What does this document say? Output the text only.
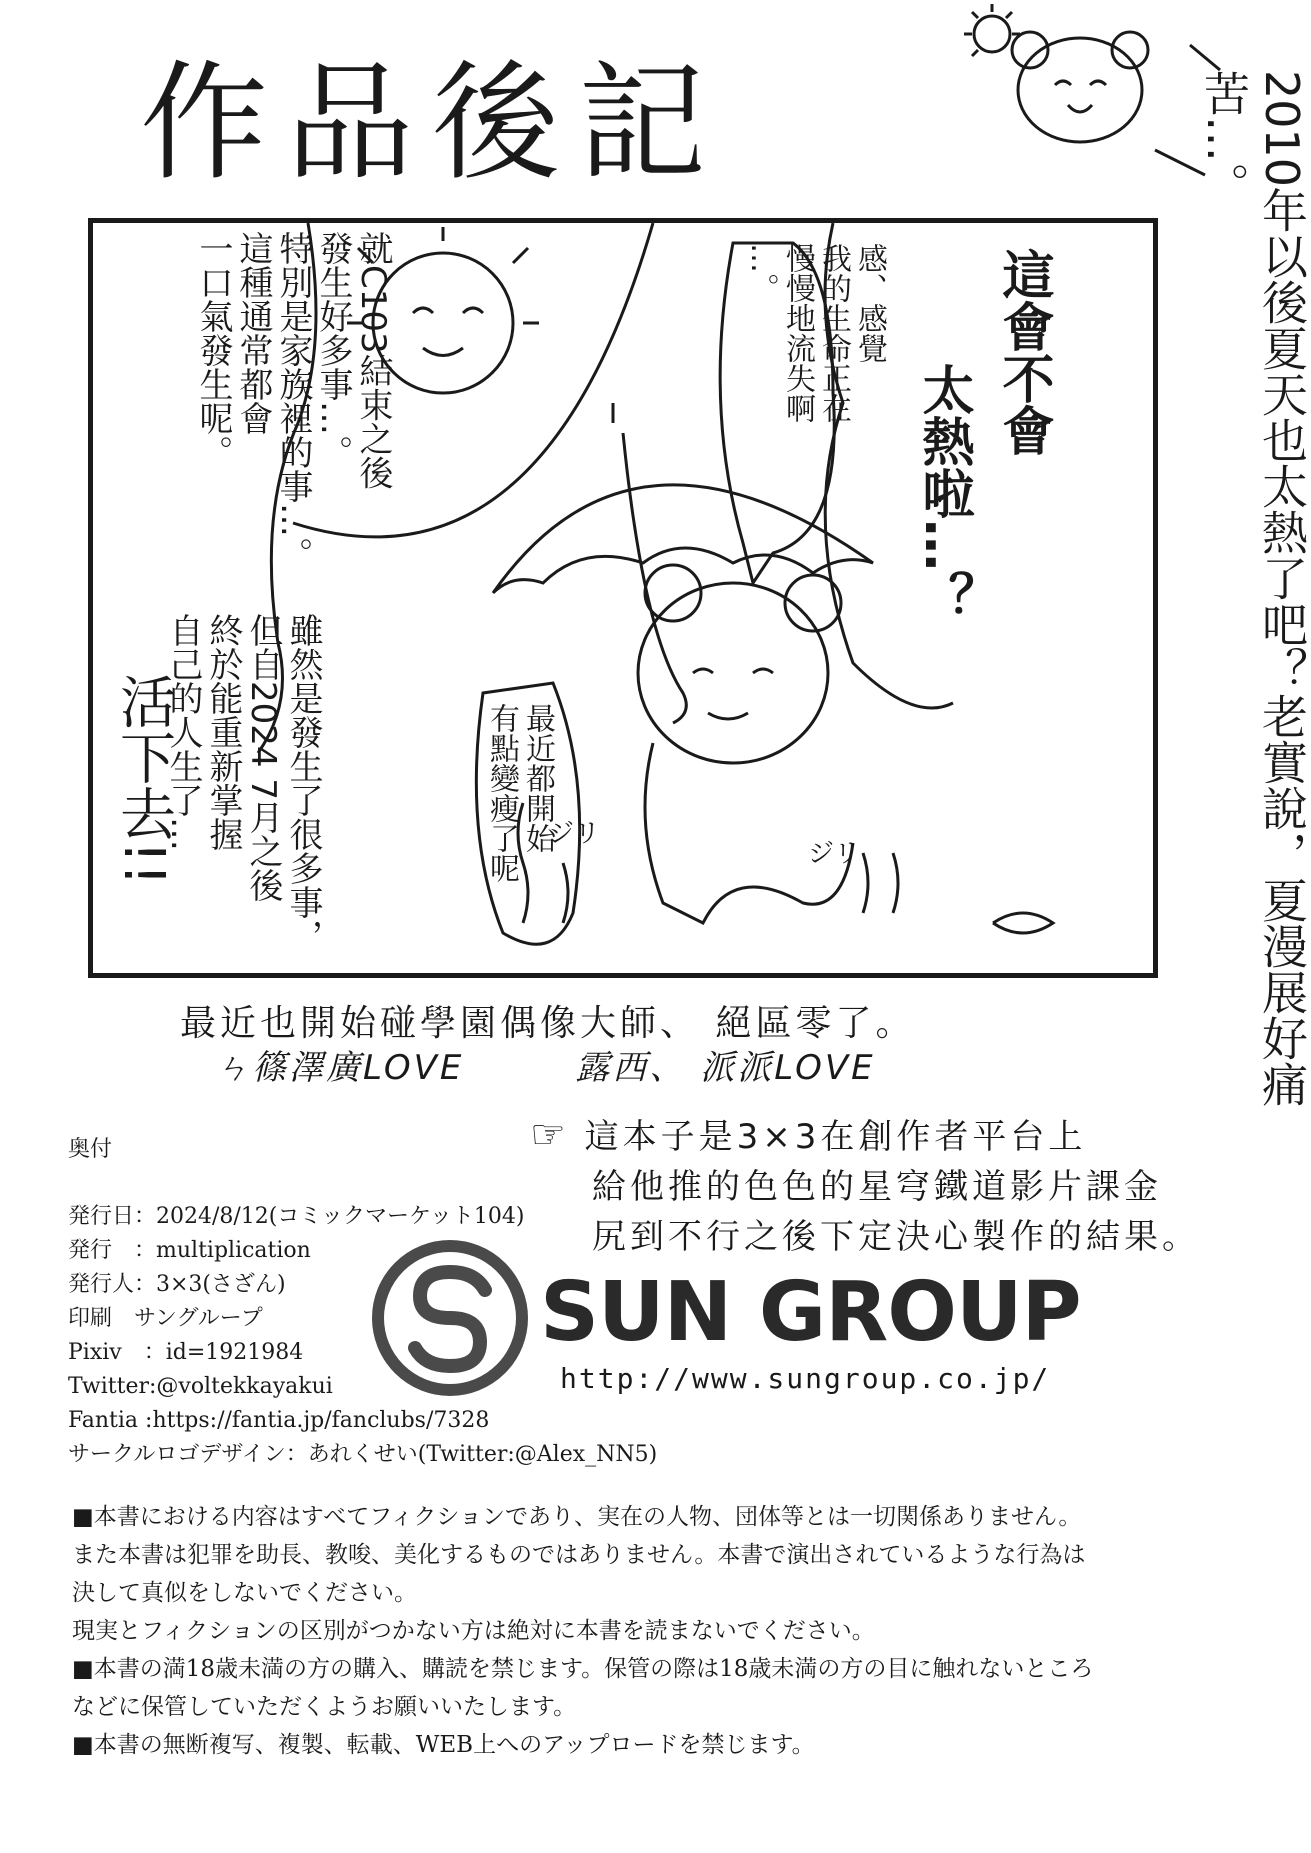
作品後記	2010年以後夏天也太熱了吧？老實說，夏漫展好痛苦…。
就C103結束之後
發生好多事…。
特別是家族裡的事…。
這種通常都會
一口氣發生呢。
雖然是發生了很多事，
但自2024 7月之後
終於能重新掌握
自己的人生了…
活下去!!
感、感覺
我的生命正在
慢慢地流失啊
…。
最近都開始
有點變瘦了呢
這會不會
太熱啦…？
ジリ
ジリ
最近也開始碰學園偶像大師、 絕區零了。
ㄣ篠澤廣LOVE　　　露西、 派派LOVE
奥付
発行日：2024/8/12(コミックマーケット104)
発行　：multiplication
発行人：3×3(さざん)
印刷　サングループ
Pixiv　：id=1921984
Twitter:@voltekkayakui
Fantia :https://fantia.jp/fanclubs/7328
サークルロゴデザイン：あれくせい(Twitter:@Alex_NN5)
☞ 這本子是3×3在創作者平台上
給他推的色色的星穹鐵道影片課金
尻到不行之後下定決心製作的結果。
SUN GROUP
http://www.sungroup.co.jp/
■本書における内容はすべてフィクションであり、実在の人物、団体等とは一切関係ありません。
また本書は犯罪を助長、教唆、美化するものではありません。本書で演出されているような行為は
決して真似をしないでください。
現実とフィクションの区別がつかない方は絶対に本書を読まないでください。
■本書の満18歳未満の方の購入、購読を禁じます。保管の際は18歳未満の方の目に触れないところ
などに保管していただくようお願いいたします。
■本書の無断複写、複製、転載、WEB上へのアップロードを禁じます。
